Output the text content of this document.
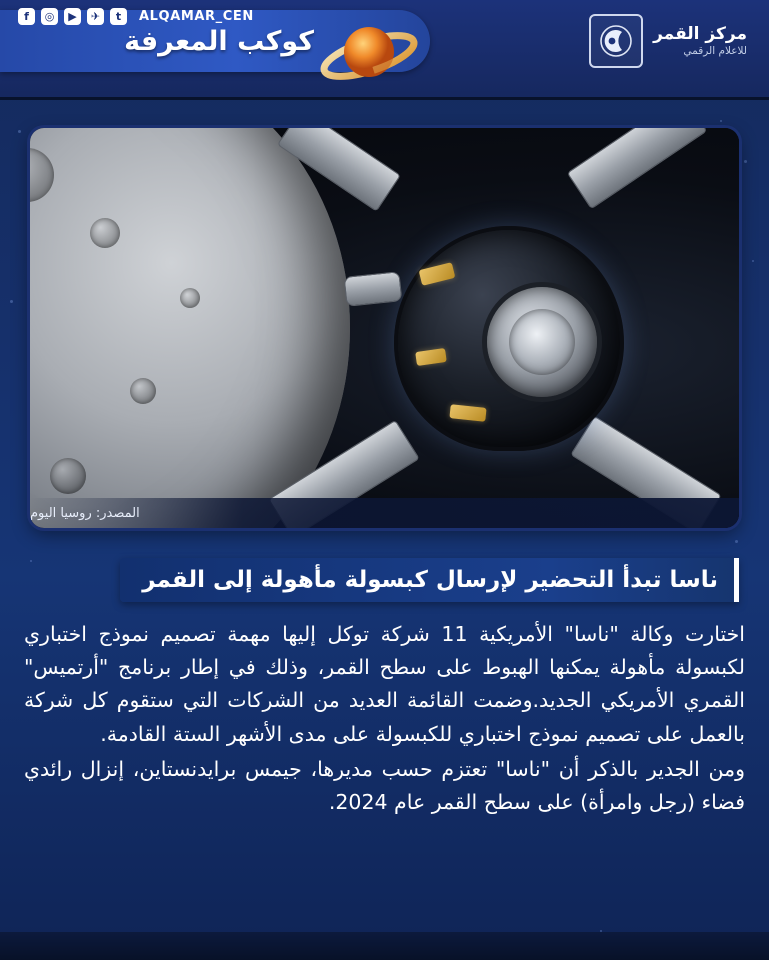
مركز القمر
للاعلام الرقمي
كوكب المعرفة
f	◎	▶	✈	t	ALQAMAR_CEN
المصدر: روسيا اليوم
ناسا تبدأ التحضير لإرسال كبسولة مأهولة إلى القمر

اختارت وكالة "ناسا" الأمريكية 11 شركة توكل إليها مهمة تصميم نموذج اختباري لكبسولة مأهولة يمكنها الهبوط على سطح القمر، وذلك في إطار برنامج "أرتميس" القمري الأمريكي الجديد.وضمت القائمة العديد من الشركات التي ستقوم كل شركة بالعمل على تصميم نموذج اختباري للكبسولة على مدى الأشهر الستة القادمة.

ومن الجدير بالذكر أن "ناسا" تعتزم حسب مديرها، جيمس برايدنستاين، إنزال رائدي فضاء (رجل وامرأة) على سطح القمر عام 2024.
